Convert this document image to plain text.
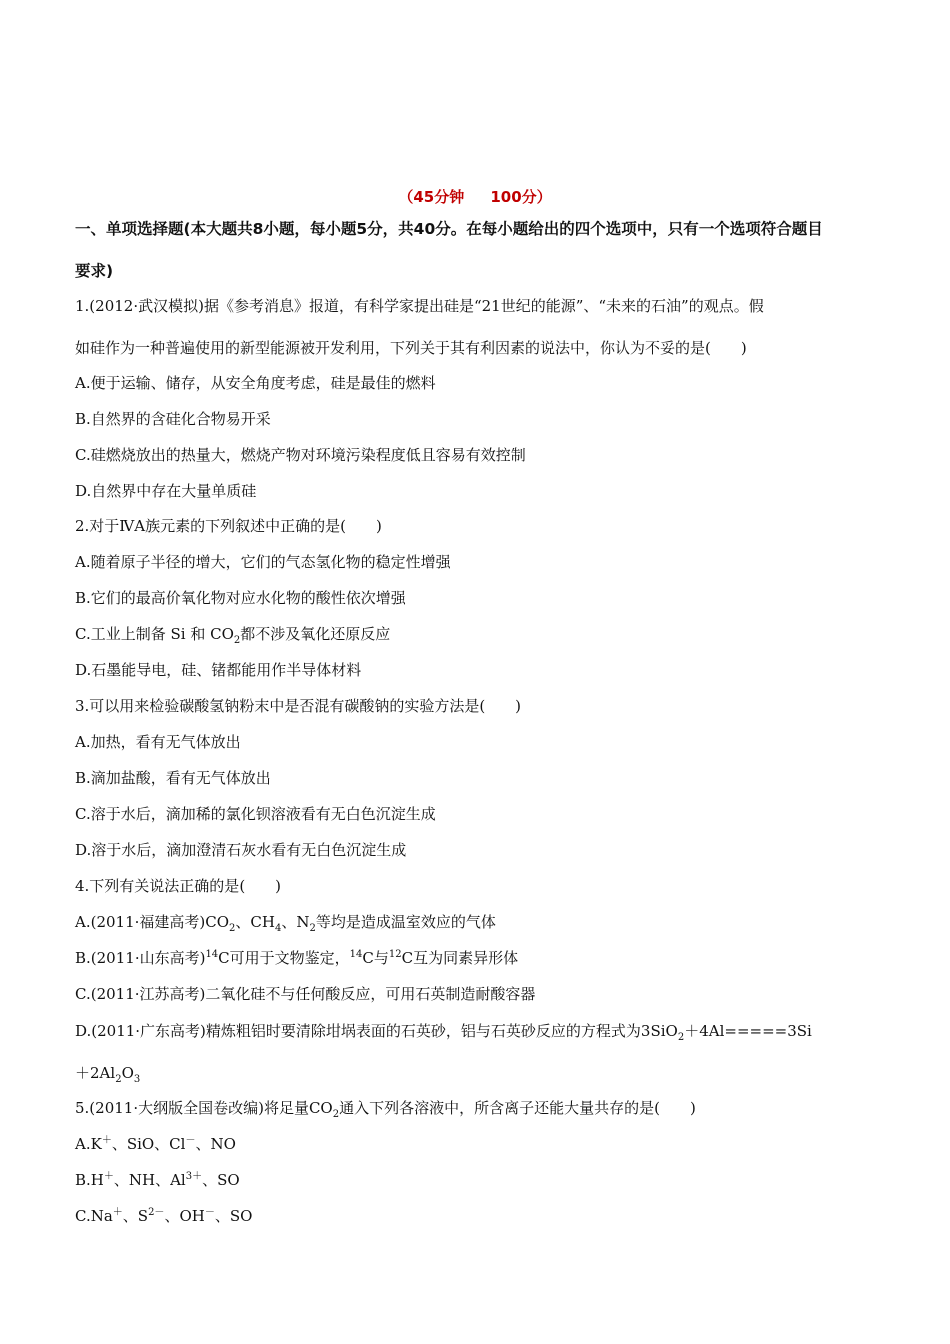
（45分钟     100分）
一、单项选择题(本大题共8小题，每小题5分，共40分。在每小题给出的四个选项中，只有一个选项符合题目
要求)
1.(2012·武汉模拟)据《参考消息》报道，有科学家提出硅是“21世纪的能源”、“未来的石油”的观点。假
如硅作为一种普遍使用的新型能源被开发利用，下列关于其有利因素的说法中，你认为不妥的是(　　)
A.便于运输、储存，从安全角度考虑，硅是最佳的燃料
B.自然界的含硅化合物易开采
C.硅燃烧放出的热量大，燃烧产物对环境污染程度低且容易有效控制
D.自然界中存在大量单质硅
2.对于ⅣA族元素的下列叙述中正确的是(　　)
A.随着原子半径的增大，它们的气态氢化物的稳定性增强
B.它们的最高价氧化物对应水化物的酸性依次增强
C.工业上制备 Si 和 $CO_2$都不涉及氧化还原反应
D.石墨能导电，硅、锗都能用作半导体材料
3.可以用来检验碳酸氢钠粉末中是否混有碳酸钠的实验方法是(　　)
A.加热，看有无气体放出
B.滴加盐酸，看有无气体放出
C.溶于水后，滴加稀的氯化钡溶液看有无白色沉淀生成
D.溶于水后，滴加澄清石灰水看有无白色沉淀生成
4.下列有关说法正确的是(　　)
A.(2011·福建高考)$CO_2$、$CH_4$、$N_2$等均是造成温室效应的气体
B.(2011·山东高考)$^{14}$C可用于文物鉴定，$^{14}$C与$^{12}$C互为同素异形体
C.(2011·江苏高考)二氧化硅不与任何酸反应，可用石英制造耐酸容器
D.(2011·广东高考)精炼粗铝时要清除坩埚表面的石英砂，铝与石英砂反应的方程式为3SiO$_2$＋4Al=====3Si
$+2Al_2O_3$
5.(2011·大纲版全国卷改编)将足量$CO_2$通入下列各溶液中，所含离子还能大量共存的是(　　)
A.K＋、SiO、Cl－、NO
B.H＋、NH、$Al^{3+}$、SO
C.Na＋、$S^{2-}$、OH－、SO
